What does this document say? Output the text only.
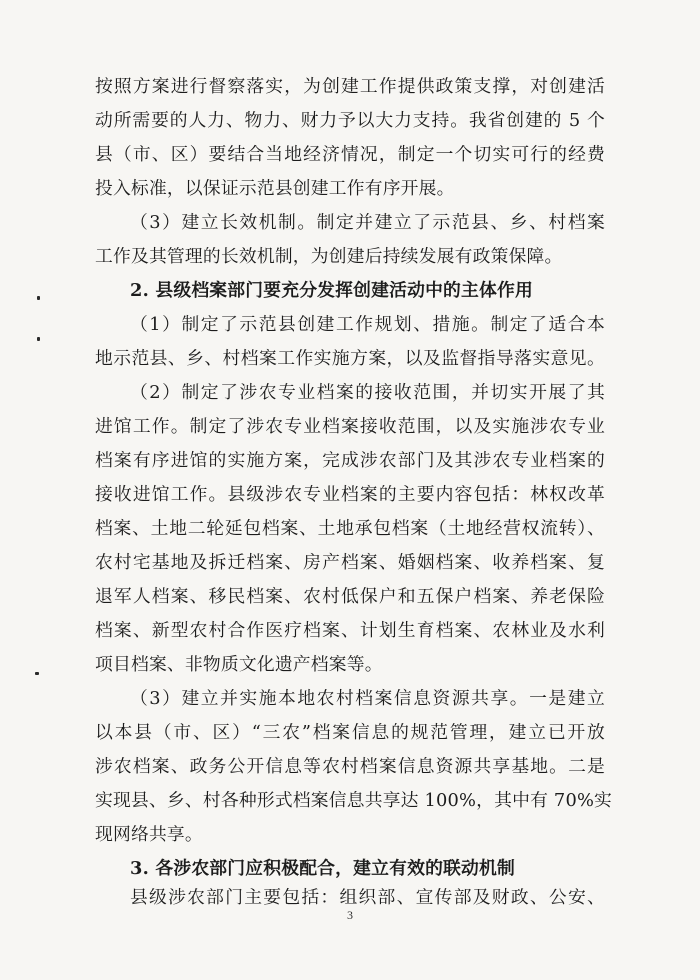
按照方案进行督察落实，为创建工作提供政策支撑，对创建活
动所需要的人力、物力、财力予以大力支持。我省创建的 5 个
县（市、区）要结合当地经济情况，制定一个切实可行的经费
投入标准，以保证示范县创建工作有序开展。
（3）建立长效机制。制定并建立了示范县、乡、村档案
工作及其管理的长效机制，为创建后持续发展有政策保障。
2. 县级档案部门要充分发挥创建活动中的主体作用
（1）制定了示范县创建工作规划、措施。制定了适合本
地示范县、乡、村档案工作实施方案，以及监督指导落实意见。
（2）制定了涉农专业档案的接收范围，并切实开展了其
进馆工作。制定了涉农专业档案接收范围，以及实施涉农专业
档案有序进馆的实施方案，完成涉农部门及其涉农专业档案的
接收进馆工作。县级涉农专业档案的主要内容包括：林权改革
档案、土地二轮延包档案、土地承包档案（土地经营权流转）、
农村宅基地及拆迁档案、房产档案、婚姻档案、收养档案、复
退军人档案、移民档案、农村低保户和五保户档案、养老保险
档案、新型农村合作医疗档案、计划生育档案、农林业及水利
项目档案、非物质文化遗产档案等。
（3）建立并实施本地农村档案信息资源共享。一是建立
以本县（市、区）“三农”档案信息的规范管理，建立已开放
涉农档案、政务公开信息等农村档案信息资源共享基地。二是
实现县、乡、村各种形式档案信息共享达 100%，其中有 70%实
现网络共享。
3. 各涉农部门应积极配合，建立有效的联动机制
县级涉农部门主要包括：组织部、宣传部及财政、公安、
3
